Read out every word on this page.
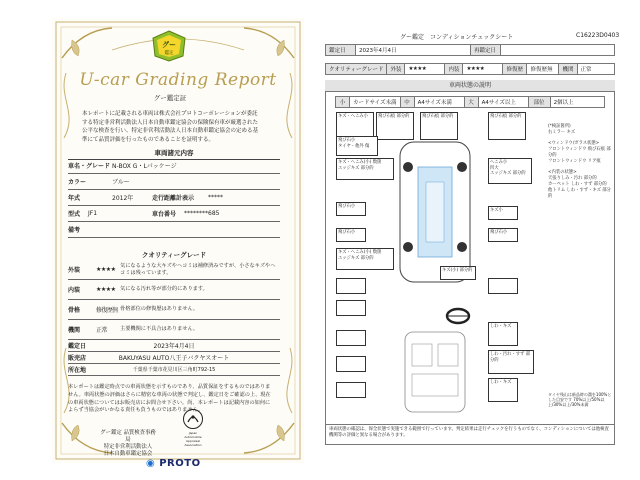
グー
鑑定
U-car Grading Report
グー鑑定証
本レポートに記載される車両は株式会社プロトコーポレーションが委託する特定非営利活動法人日本自動車鑑定協会の保険保有車が厳選された公平な検査を行い、特定非営利活動法人日本自動車鑑定協会の定める基準にて品質評価を行ったものであることを証明する。
車両諸元内容
車名・グレード N-BOX G・Lパッケージ
カラー	ブルー
年式	2012年	走行距離計表示	*****
型式	JF1	車台番号	********685
備考
クオリティーグレード
外装	★★★★
気になるような大キズやヘコミは補修済みですが、小さなキズやヘコミは残っています。
内装	★★★★ 気になる汚れ等が部分的にあります。
骨格	修復歴無 骨格部位の修復歴はありません。
機関	正常	主要機関に不具合はありません。
鑑定日	2023年4月4日
販売店	BAKUYASU AUTO八王子バクヤスオート
所在地	千葉県千葉市花見川区三角町792-15
本レポートは鑑定時点での車両状態を示すものであり、品質保証をするものではありません。車両状態の評価はさらに精密な車両の状態で判定し、鑑定日をご確認の上、現在の車両状態についてはお販売店にお問合せ下さい。尚、本レポートは記載内容の如何によらず当協会がいかなる責任も負うものではありません。
グー鑑定 品質検査事務局
特定非営利活動法人
日本自動車鑑定協会
Japan Automobile Appraisal Association
◉ PROTO
グー鑑定　コンディションチェックシート	C16223D0403
鑑定日	2023年4月4日	再鑑定日	
クオリティーグレード	外装	★★★★	内装	★★★★	修復歴	修復歴無	機関	正常
車両状態の説明
小	カードサイズ未満	中	A4サイズ未満	大	A4サイズ以上	部位	2個以上
キズ・へこみ小	飛び石痕 部分的	飛び石痕 部分的	飛び石痕 部分的
飛び石小
タイヤ・他外 傷
キズ・へこみ(小) 数箇
エッジキズ 部分的
へこみ小
凹大
エッジキズ 部分的
飛び石小
キズ小
飛び石小	飛び石小
キズ・へこみ(小) 数箇
エッジキズ 部分的
キズ(小) 部分的
しわ・キズ
しわ・汚れ・すず 部分的
しわ・キズ
(*検証箇所)
右ミラー キズ

<ウィンドウ/ガラス状態>
フロントウィンドウ 飛び石痕 部分的
フロントウィンドウ リア痕

<内装の状態>
天張りしみ・汚れ 部分的
カーペット しわ・すず 部分的
他トリム しわ・すず・キズ 部分的
タイヤ残山は新品時の溝を100%とした目安です 70%以上/50%以上/30%以上/30%未満
車両状態の確認は、保全状態で実施できる範囲で行っています。判定結果は走行チェックを行うものでなく、コンディションについては他検査機関等の評価と異なる場合があります。
